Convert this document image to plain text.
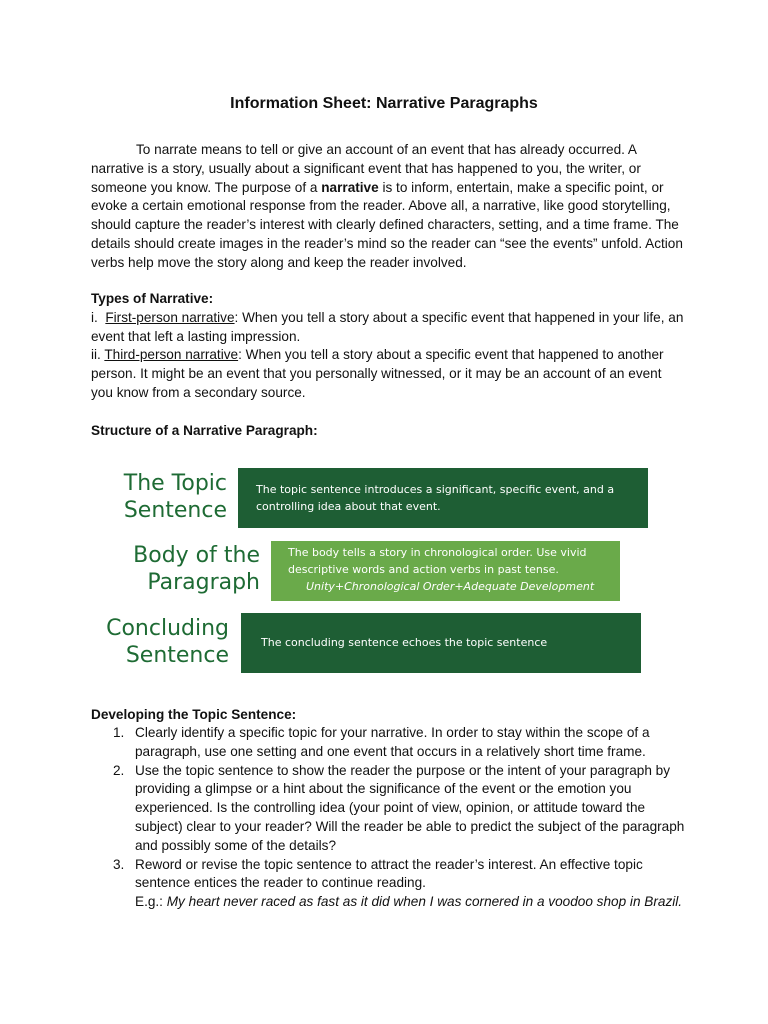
Information Sheet: Narrative Paragraphs
To narrate means to tell or give an account of an event that has already occurred. A narrative is a story, usually about a significant event that has happened to you, the writer, or someone you know. The purpose of a narrative is to inform, entertain, make a specific point, or evoke a certain emotional response from the reader. Above all, a narrative, like good storytelling, should capture the reader’s interest with clearly defined characters, setting, and a time frame. The details should create images in the reader’s mind so the reader can “see the events” unfold. Action verbs help move the story along and keep the reader involved.

Types of Narrative:

i.  First-person narrative: When you tell a story about a specific event that happened in your life, an event that left a lasting impression.

ii. Third-person narrative: When you tell a story about a specific event that happened to another person. It might be an event that you personally witnessed, or it may be an account of an event you know from a secondary source.

Structure of a Narrative Paragraph:
The Topic
Sentence
The topic sentence introduces a significant, specific event, and a controlling idea about that event.
Body of the
Paragraph
The body tells a story in chronological order. Use vivid descriptive words and action verbs in past tense.
Unity+Chronological Order+Adequate Development
Concluding
Sentence
The concluding sentence echoes the topic sentence
Developing the Topic Sentence:
1. Clearly identify a specific topic for your narrative. In order to stay within the scope of a paragraph, use one setting and one event that occurs in a relatively short time frame.
2. Use the topic sentence to show the reader the purpose or the intent of your paragraph by providing a glimpse or a hint about the significance of the event or the emotion you experienced. Is the controlling idea (your point of view, opinion, or attitude toward the subject) clear to your reader? Will the reader be able to predict the subject of the paragraph and possibly some of the details?
3. Reword or revise the topic sentence to attract the reader’s interest. An effective topic sentence entices the reader to continue reading.
E.g.: My heart never raced as fast as it did when I was cornered in a voodoo shop in Brazil.
